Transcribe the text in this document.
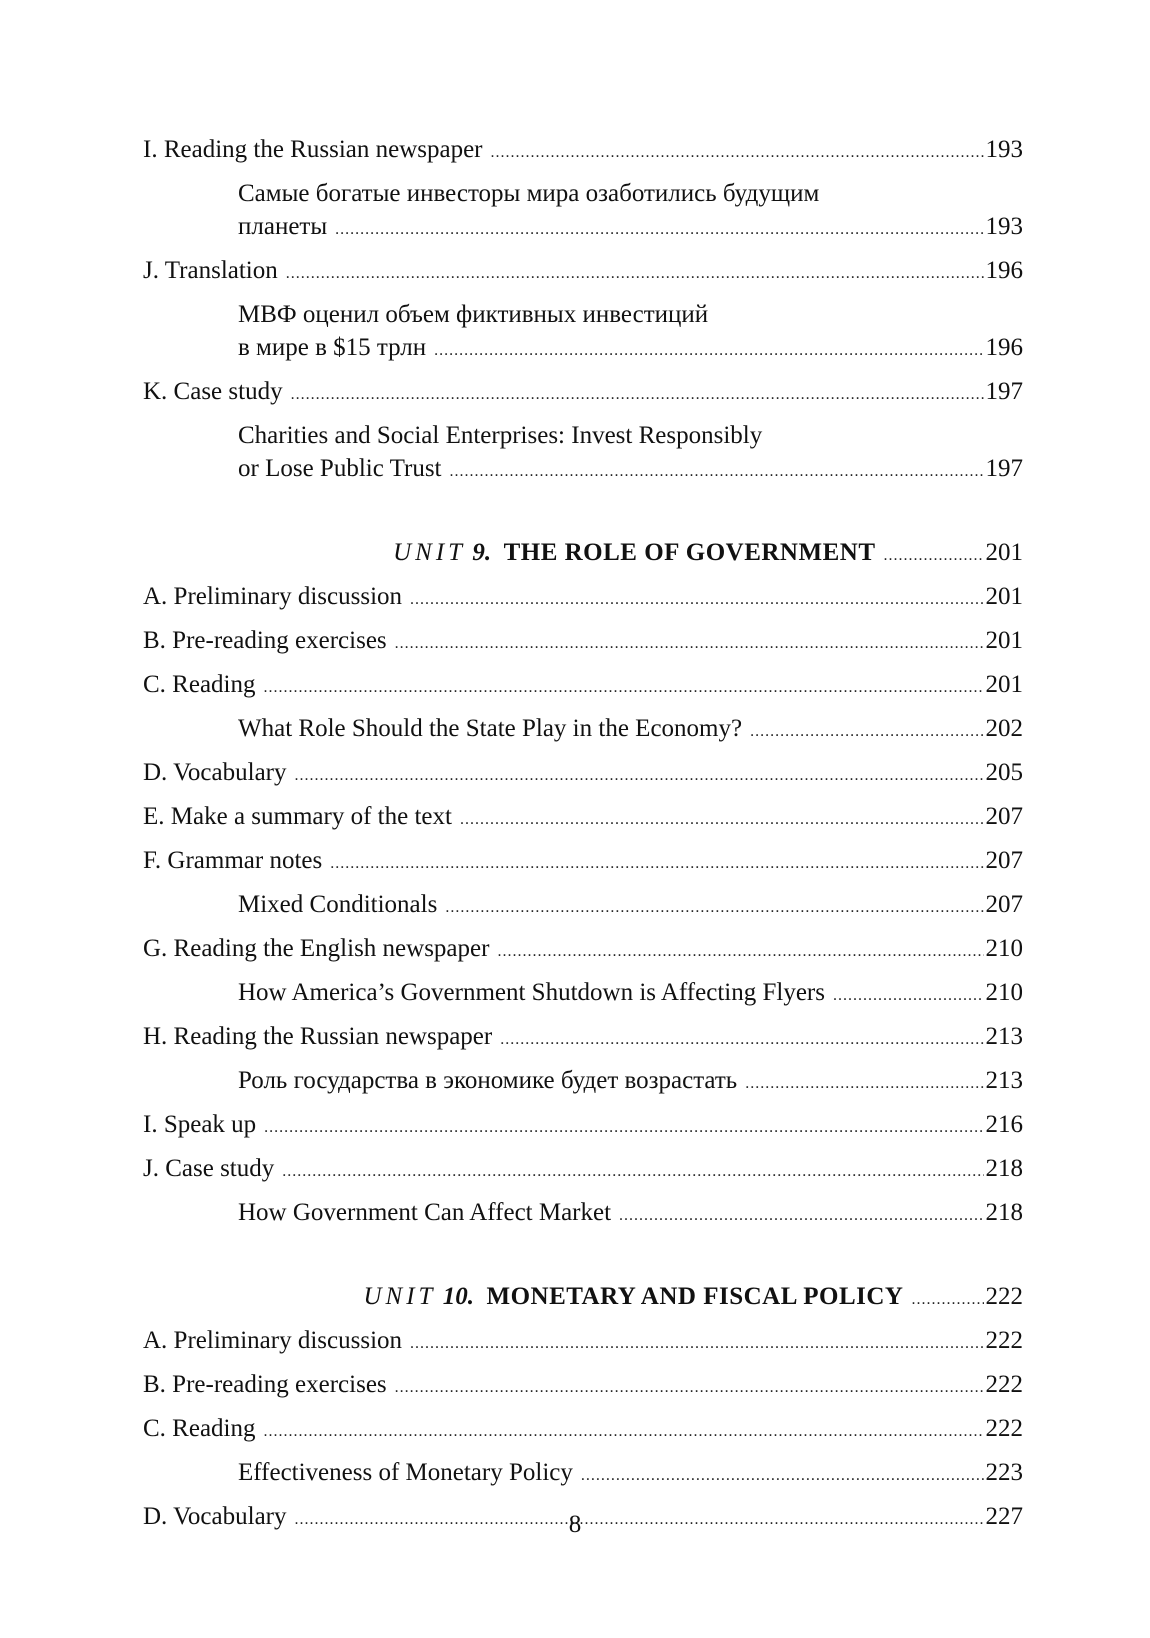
I. Reading the Russian newspaper .....	193
Самые богатые инвесторы мира озаботились будущим
планеты .....	193
J. Translation .....	196
МВФ оценил объем фиктивных инвестиций
в мире в $15 трлн .....	196
K. Case study .....	197
Charities and Social Enterprises: Invest Responsibly
or Lose Public Trust .....	197
UNIT 9. THE ROLE OF GOVERNMENT .....	201
A. Preliminary discussion .....	201
B. Pre-reading exercises .....	201
C. Reading .....	201
What Role Should the State Play in the Economy? .....	202
D. Vocabulary .....	205
E. Make a summary of the text .....	207
F. Grammar notes .....	207
Mixed Conditionals .....	207
G. Reading the English newspaper .....	210
How America’s Government Shutdown is Affecting Flyers .....	210
H. Reading the Russian newspaper .....	213
Роль государства в экономике будет возрастать .....	213
I. Speak up .....	216
J. Case study .....	218
How Government Can Affect Market .....	218
UNIT 10. MONETARY AND FISCAL POLICY .....	222
A. Preliminary discussion .....	222
B. Pre-reading exercises .....	222
C. Reading .....	222
Effectiveness of Monetary Policy .....	223
D. Vocabulary .....	227
8
